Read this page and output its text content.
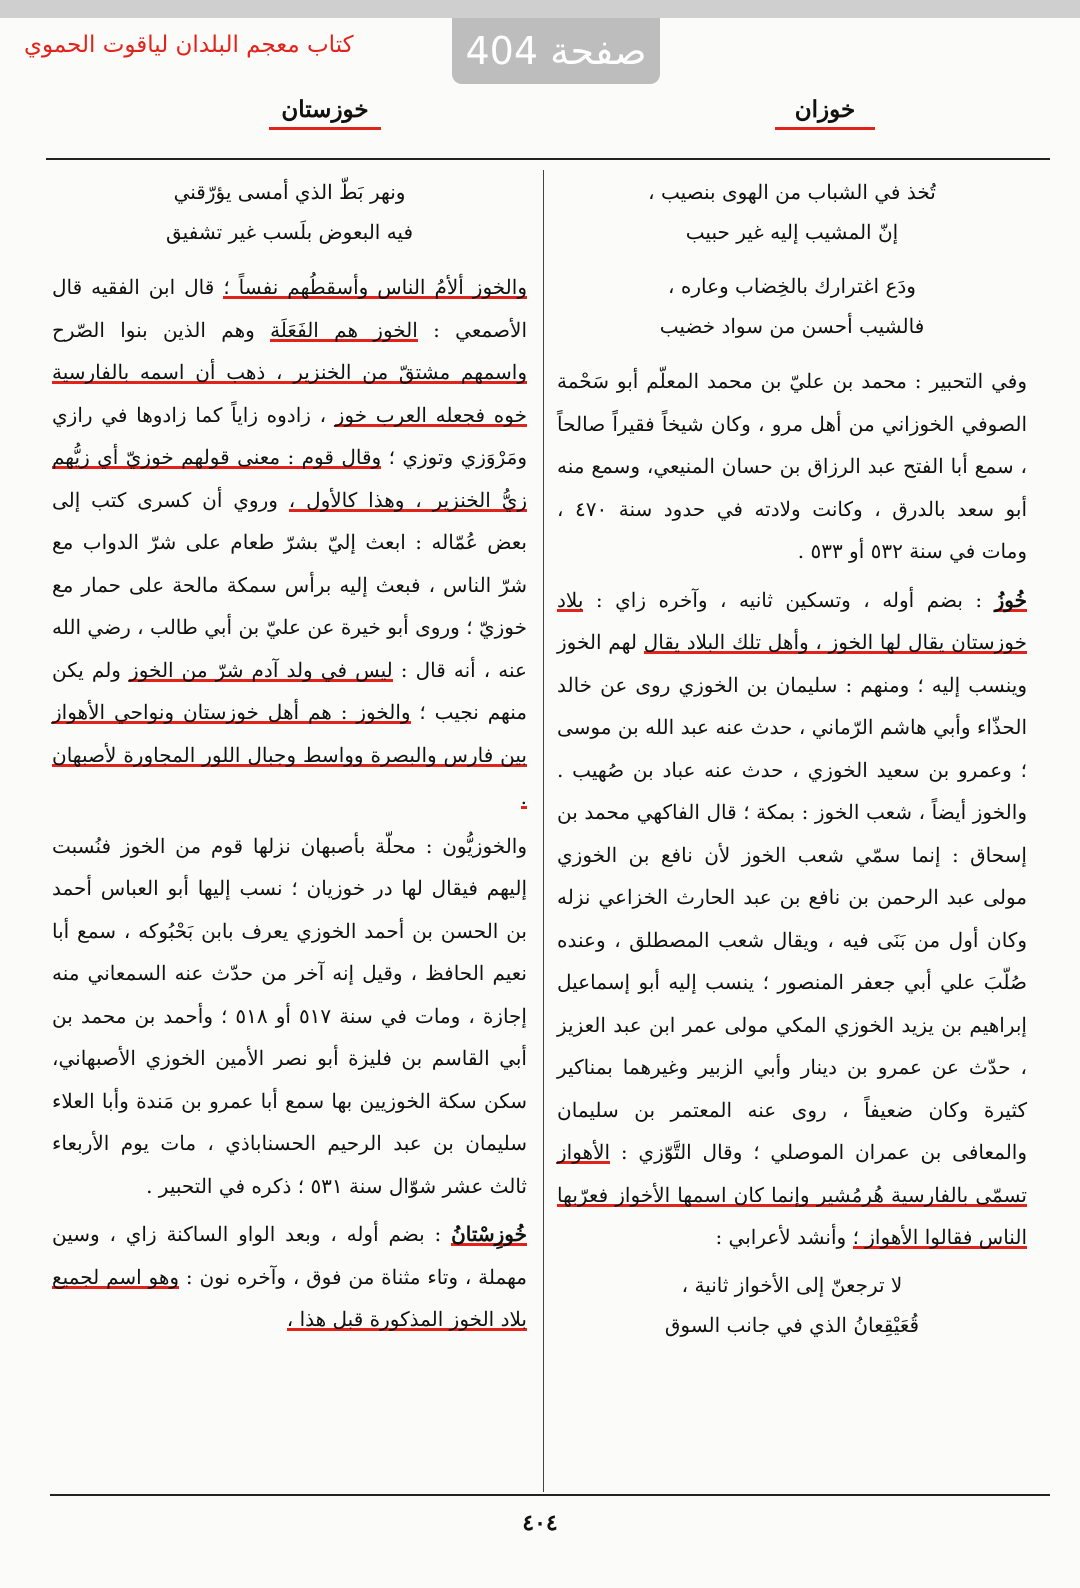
صفحة 404
كتاب معجم البلدان لياقوت الحموي
خوزان
خوزستان
تُخذ في الشباب من الهوى بنصيب ،
إنّ المشيب إليه غير حبيب
ودَع اغترارك بالخِضاب وعاره ،
فالشيب أحسن من سواد خضيب

وفي التحبير : محمد بن عليّ بن محمد المعلّم أبو سَحْمة الصوفي الخوزاني من أهل مرو ، وكان شيخاً فقيراً صالحاً ، سمع أبا الفتح عبد الرزاق بن حسان المنيعي، وسمع منه أبو سعد بالدرق ، وكانت ولادته في حدود سنة ٤٧٠ ، ومات في سنة ٥٣٢ أو ٥٣٣ .

خُوزُ : بضم أوله ، وتسكين ثانيه ، وآخره زاي : بلاد خوزستان يقال لها الخوز ، وأهل تلك البلاد يقال لهم الخوز وينسب إليه ؛ ومنهم : سليمان بن الخوزي روى عن خالد الحذّاء وأبي هاشم الرّماني ، حدث عنه عبد الله بن موسى ؛ وعمرو بن سعيد الخوزي ، حدث عنه عباد بن صُهيب . والخوز أيضاً ، شعب الخوز : بمكة ؛ قال الفاكهي محمد بن إسحاق : إنما سمّي شعب الخوز لأن نافع بن الخوزي مولى عبد الرحمن بن نافع بن عبد الحارث الخزاعي نزله وكان أول من بَنَى فيه ، ويقال شعب المصطلق ، وعنده صُلّبَ علي أبي جعفر المنصور ؛ ينسب إليه أبو إسماعيل إبراهيم بن يزيد الخوزي المكي مولى عمر ابن عبد العزيز ، حدّث عن عمرو بن دينار وأبي الزبير وغيرهما بمناكير كثيرة وكان ضعيفاً ، روى عنه المعتمر بن سليمان والمعافى بن عمران الموصلي ؛ وقال التَّوّزي : الأهواز تسمّى بالفارسية هُرمُشير وإنما كان اسمها الأخواز فعرّبها الناس فقالوا الأهواز ؛ وأنشد لأعرابي :

لا ترجعنّ إلى الأخواز ثانية ،
قُعَيْقِعانُ الذي في جانب السوق
ونهر بَطّ الذي أمسى يؤرّقني
فيه البعوض بلَسب غير تشفيق

والخوز ألأمُ الناس وأسقطُهم نفساً ؛ قال ابن الفقيه قال الأصمعي : الخوز هم الفَعَلَة وهم الذين بنوا الصّرح واسمهم مشتقّ من الخنزير ، ذهب أن اسمه بالفارسية خوه فجعله العرب خوز ، زادوه زاياً كما زادوها في رازي ومَرْوَزي وتوزي ؛ وقال قوم : معنى قولهم خوزيّ أي زيُّهم زيُّ الخنزير ، وهذا كالأول ، وروي أن كسرى كتب إلى بعض عُمّاله : ابعث إليّ بشرّ طعام على شرّ الدواب مع شرّ الناس ، فبعث إليه برأس سمكة مالحة على حمار مع خوزيّ ؛ وروى أبو خيرة عن عليّ بن أبي طالب ، رضي الله عنه ، أنه قال : ليس في ولد آدم شرّ من الخوز ولم يكن منهم نجيب ؛ والخوز : هم أهل خوزستان ونواحي الأهواز بين فارس والبصرة وواسط وجبال اللور المجاورة لأصبهان .

والخوزيُّون : محلّة بأصبهان نزلها قوم من الخوز فنُسبت إليهم فيقال لها در خوزيان ؛ نسب إليها أبو العباس أحمد بن الحسن بن أحمد الخوزي يعرف بابن بَحْبُوكه ، سمع أبا نعيم الحافظ ، وقيل إنه آخر من حدّث عنه السمعاني منه إجازة ، ومات في سنة ٥١٧ أو ٥١٨ ؛ وأحمد بن محمد بن أبي القاسم بن فليزة أبو نصر الأمين الخوزي الأصبهاني، سكن سكة الخوزيين بها سمع أبا عمرو بن مَندة وأبا العلاء سليمان بن عبد الرحيم الحسناباذي ، مات يوم الأربعاء ثالث عشر شوّال سنة ٥٣١ ؛ ذكره في التحبير .

خُوزِسْتانُ : بضم أوله ، وبعد الواو الساكنة زاي ، وسين مهملة ، وتاء مثناة من فوق ، وآخره نون : وهو اسم لجميع بلاد الخوز المذكورة قبل هذا ،

٤٠٤
